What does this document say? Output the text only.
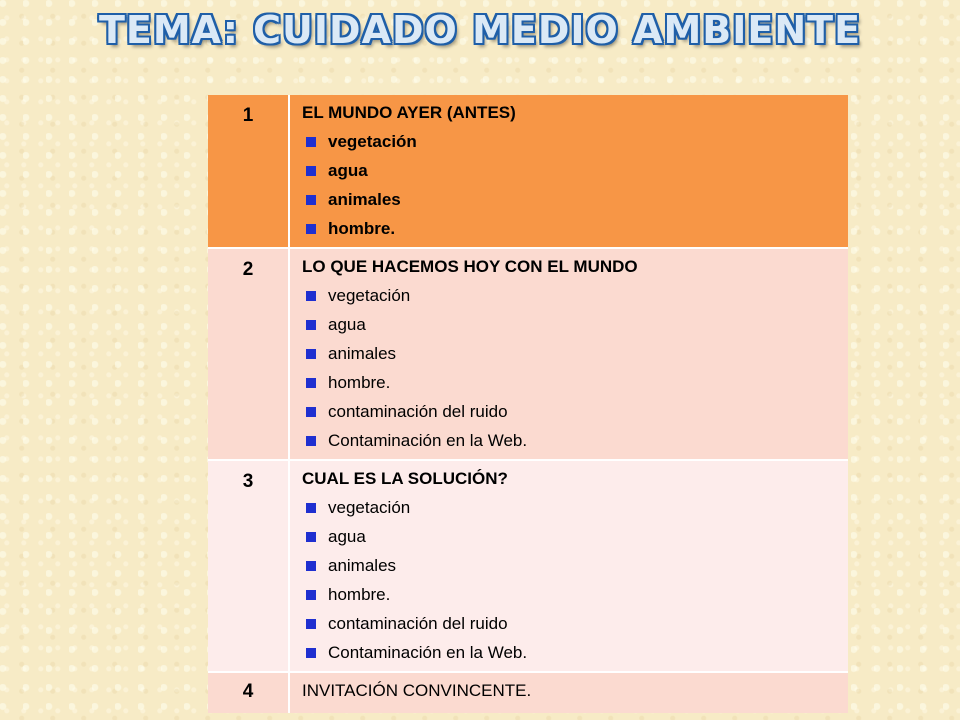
TEMA: CUIDADO MEDIO AMBIENTE
1	EL MUNDO AYER (ANTES)
vegetación
agua
animales
hombre.
2	LO QUE HACEMOS HOY CON EL MUNDO
vegetación
agua
animales
hombre.
contaminación del ruido
Contaminación en la Web.
3	CUAL ES LA SOLUCIÓN?
vegetación
agua
animales
hombre.
contaminación del ruido
Contaminación en la Web.
4	INVITACIÓN CONVINCENTE.
